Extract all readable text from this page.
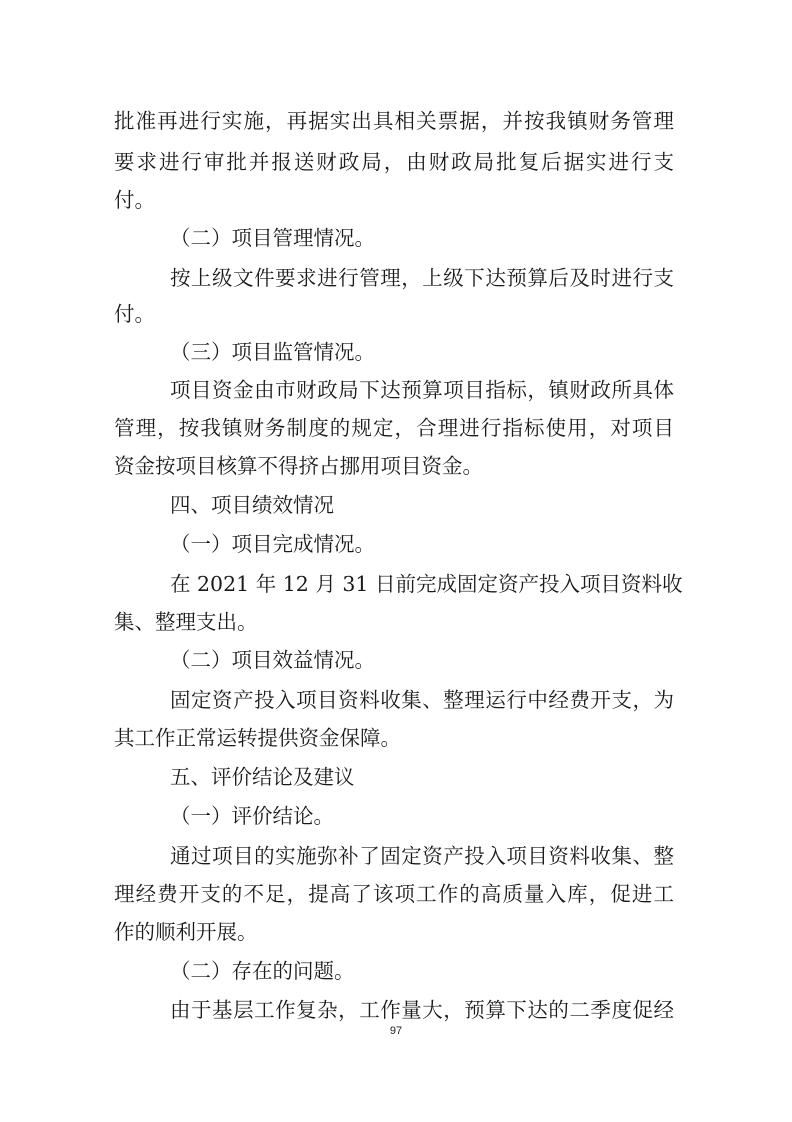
批准再进行实施，再据实出具相关票据，并按我镇财务管理
要求进行审批并报送财政局，由财政局批复后据实进行支
付。
（二）项目管理情况。
按上级文件要求进行管理，上级下达预算后及时进行支
付。
（三）项目监管情况。
项目资金由市财政局下达预算项目指标，镇财政所具体
管理，按我镇财务制度的规定，合理进行指标使用，对项目
资金按项目核算不得挤占挪用项目资金。
四、项目绩效情况
（一）项目完成情况。
在 2021 年 12 月 31 日前完成固定资产投入项目资料收
集、整理支出。
（二）项目效益情况。
固定资产投入项目资料收集、整理运行中经费开支，为
其工作正常运转提供资金保障。
五、评价结论及建议
（一）评价结论。
通过项目的实施弥补了固定资产投入项目资料收集、整
理经费开支的不足，提高了该项工作的高质量入库，促进工
作的顺利开展。
（二）存在的问题。
由于基层工作复杂，工作量大，预算下达的二季度促经
97
